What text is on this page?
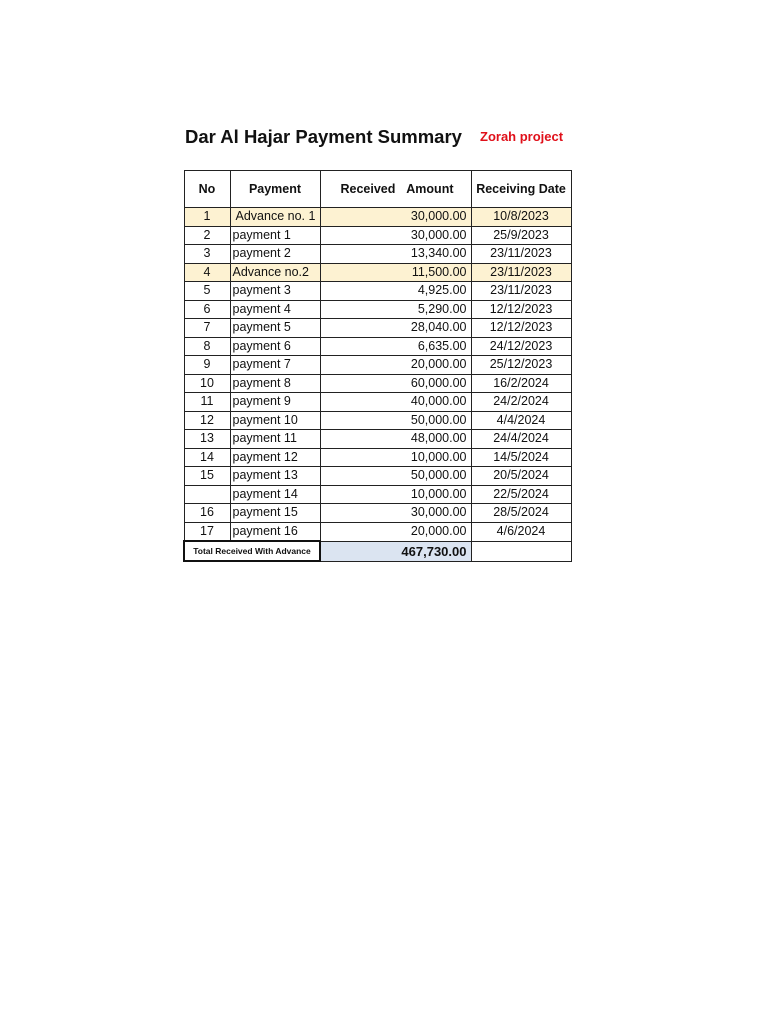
Dar Al Hajar Payment Summary Zorah project
No	Payment	Received Amount	Receiving Date
1	Advance no. 1	30,000.00	10/8/2023
2	payment 1	30,000.00	25/9/2023
3	payment 2	13,340.00	23/11/2023
4	Advance no.2	11,500.00	23/11/2023
5	payment 3	4,925.00	23/11/2023
6	payment 4	5,290.00	12/12/2023
7	payment 5	28,040.00	12/12/2023
8	payment 6	6,635.00	24/12/2023
9	payment 7	20,000.00	25/12/2023
10	payment 8	60,000.00	16/2/2024
11	payment 9	40,000.00	24/2/2024
12	payment 10	50,000.00	4/4/2024
13	payment 11	48,000.00	24/4/2024
14	payment 12	10,000.00	14/5/2024
15	payment 13	50,000.00	20/5/2024
	payment 14	10,000.00	22/5/2024
16	payment 15	30,000.00	28/5/2024
17	payment 16	20,000.00	4/6/2024
Total Received With Advance		467,730.00	
